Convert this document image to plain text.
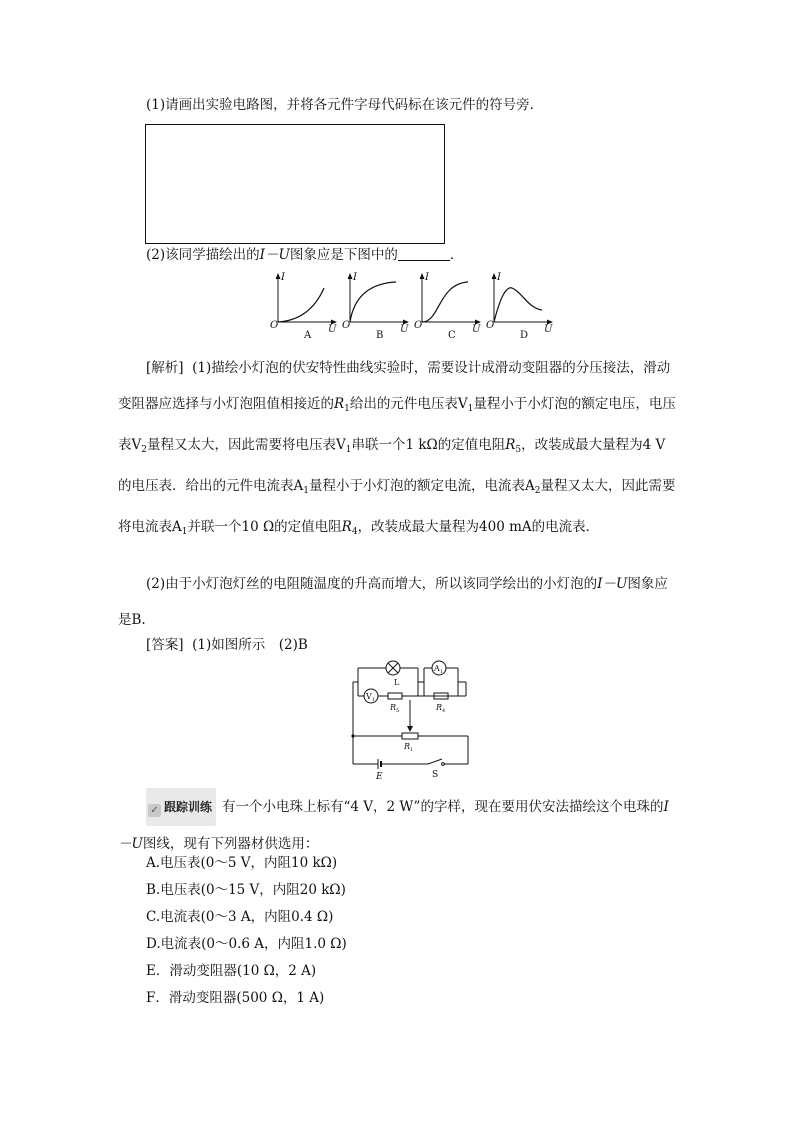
(1)请画出实验电路图，并将各元件字母代码标在该元件的符号旁．
(2)该同学描绘出的I－U图象应是下图中的	．
I
O	U
A
I
O	U
B
I
O	U
C
I
O	U
D
[解析] (1)描绘小灯泡的伏安特性曲线实验时，需要设计成滑动变阻器的分压接法，滑动变阻器应选择与小灯泡阻值相接近的$R_1$给出的元件电压表$V_1$量程小于小灯泡的额定电压，电压表$V_2$量程又太大，因此需要将电压表$V_1$串联一个1 kΩ的定值电阻$R_5$，改装成最大量程为4 V的电压表．给出的元件电流表$A_1$量程小于小灯泡的额定电流，电流表$A_2$量程又太大，因此需要将电流表$A_1$并联一个10 Ω的定值电阻$R_4$，改装成最大量程为400 mA的电流表．
(2)由于小灯泡灯丝的电阻随温度的升高而增大，所以该同学绘出的小灯泡的I－U图象应是B.
[答案] (1)如图所示　(2)B
L
V 1
A 1
R 5	R 4
R 1
E	S
✓ 跟踪训练 有一个小电珠上标有“4 V，2 W”的字样，现在要用伏安法描绘这个电珠的I－U图线，现有下列器材供选用：
A.电压表(0～5 V，内阻10 kΩ)
B.电压表(0～15 V，内阻20 kΩ)
C.电流表(0～3 A，内阻0.4 Ω)
D.电流表(0～0.6 A，内阻1.0 Ω)
E．滑动变阻器(10 Ω，2 A)
F．滑动变阻器(500 Ω，1 A)
